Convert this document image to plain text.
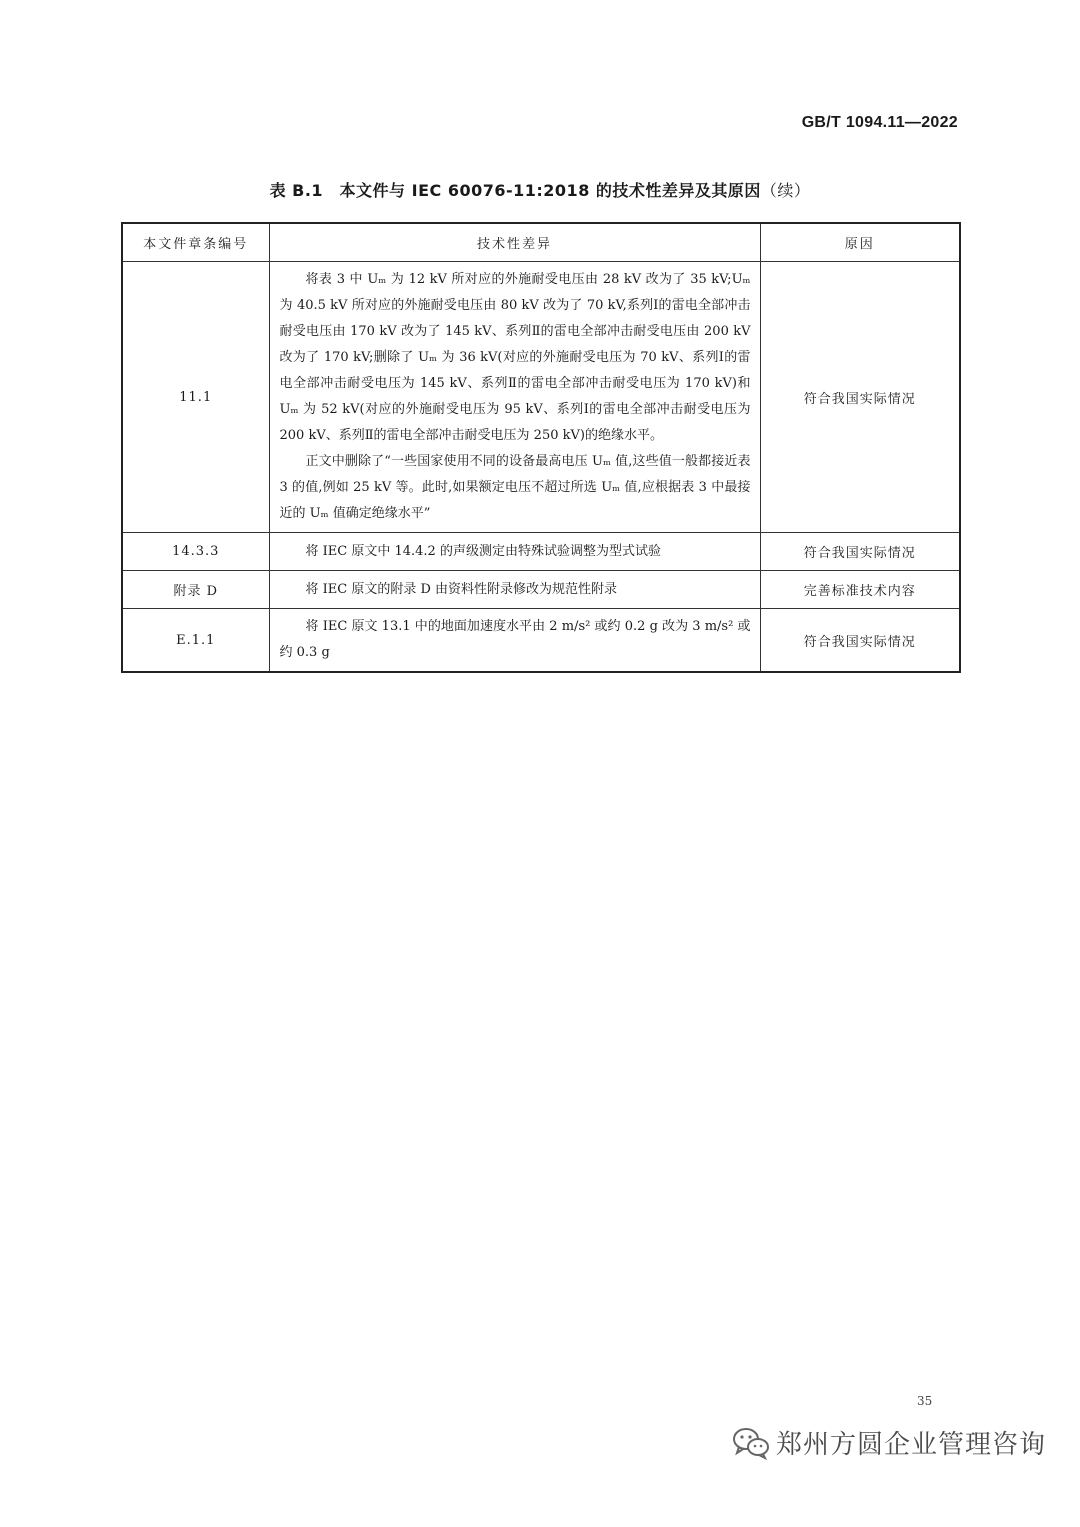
GB/T 1094.11—2022
表 B.1　本文件与 IEC 60076-11:2018 的技术性差异及其原因（续）
本文件章条编号	技术性差异	原因
11.1	将表 3 中 Uₘ 为 12 kV 所对应的外施耐受电压由 28 kV 改为了 35 kV;Uₘ 为 40.5 kV 所对应的外施耐受电压由 80 kV 改为了 70 kV,系列Ⅰ的雷电全部冲击耐受电压由 170 kV 改为了 145 kV、系列Ⅱ的雷电全部冲击耐受电压由 200 kV 改为了 170 kV;删除了 Uₘ 为 36 kV(对应的外施耐受电压为 70 kV、系列Ⅰ的雷电全部冲击耐受电压为 145 kV、系列Ⅱ的雷电全部冲击耐受电压为 170 kV)和 Uₘ 为 52 kV(对应的外施耐受电压为 95 kV、系列Ⅰ的雷电全部冲击耐受电压为 200 kV、系列Ⅱ的雷电全部冲击耐受电压为 250 kV)的绝缘水平。

正文中删除了“一些国家使用不同的设备最高电压 Uₘ 值,这些值一般都接近表 3 的值,例如 25 kV 等。此时,如果额定电压不超过所选 Uₘ 值,应根据表 3 中最接近的 Uₘ 值确定绝缘水平”	符合我国实际情况
14.3.3	将 IEC 原文中 14.4.2 的声级测定由特殊试验调整为型式试验	符合我国实际情况
附录 D	将 IEC 原文的附录 D 由资料性附录修改为规范性附录	完善标准技术内容
E.1.1	将 IEC 原文 13.1 中的地面加速度水平由 2 m/s² 或约 0.2 g 改为 3 m/s² 或约 0.3 g	符合我国实际情况
35
郑州方圆企业管理咨询
